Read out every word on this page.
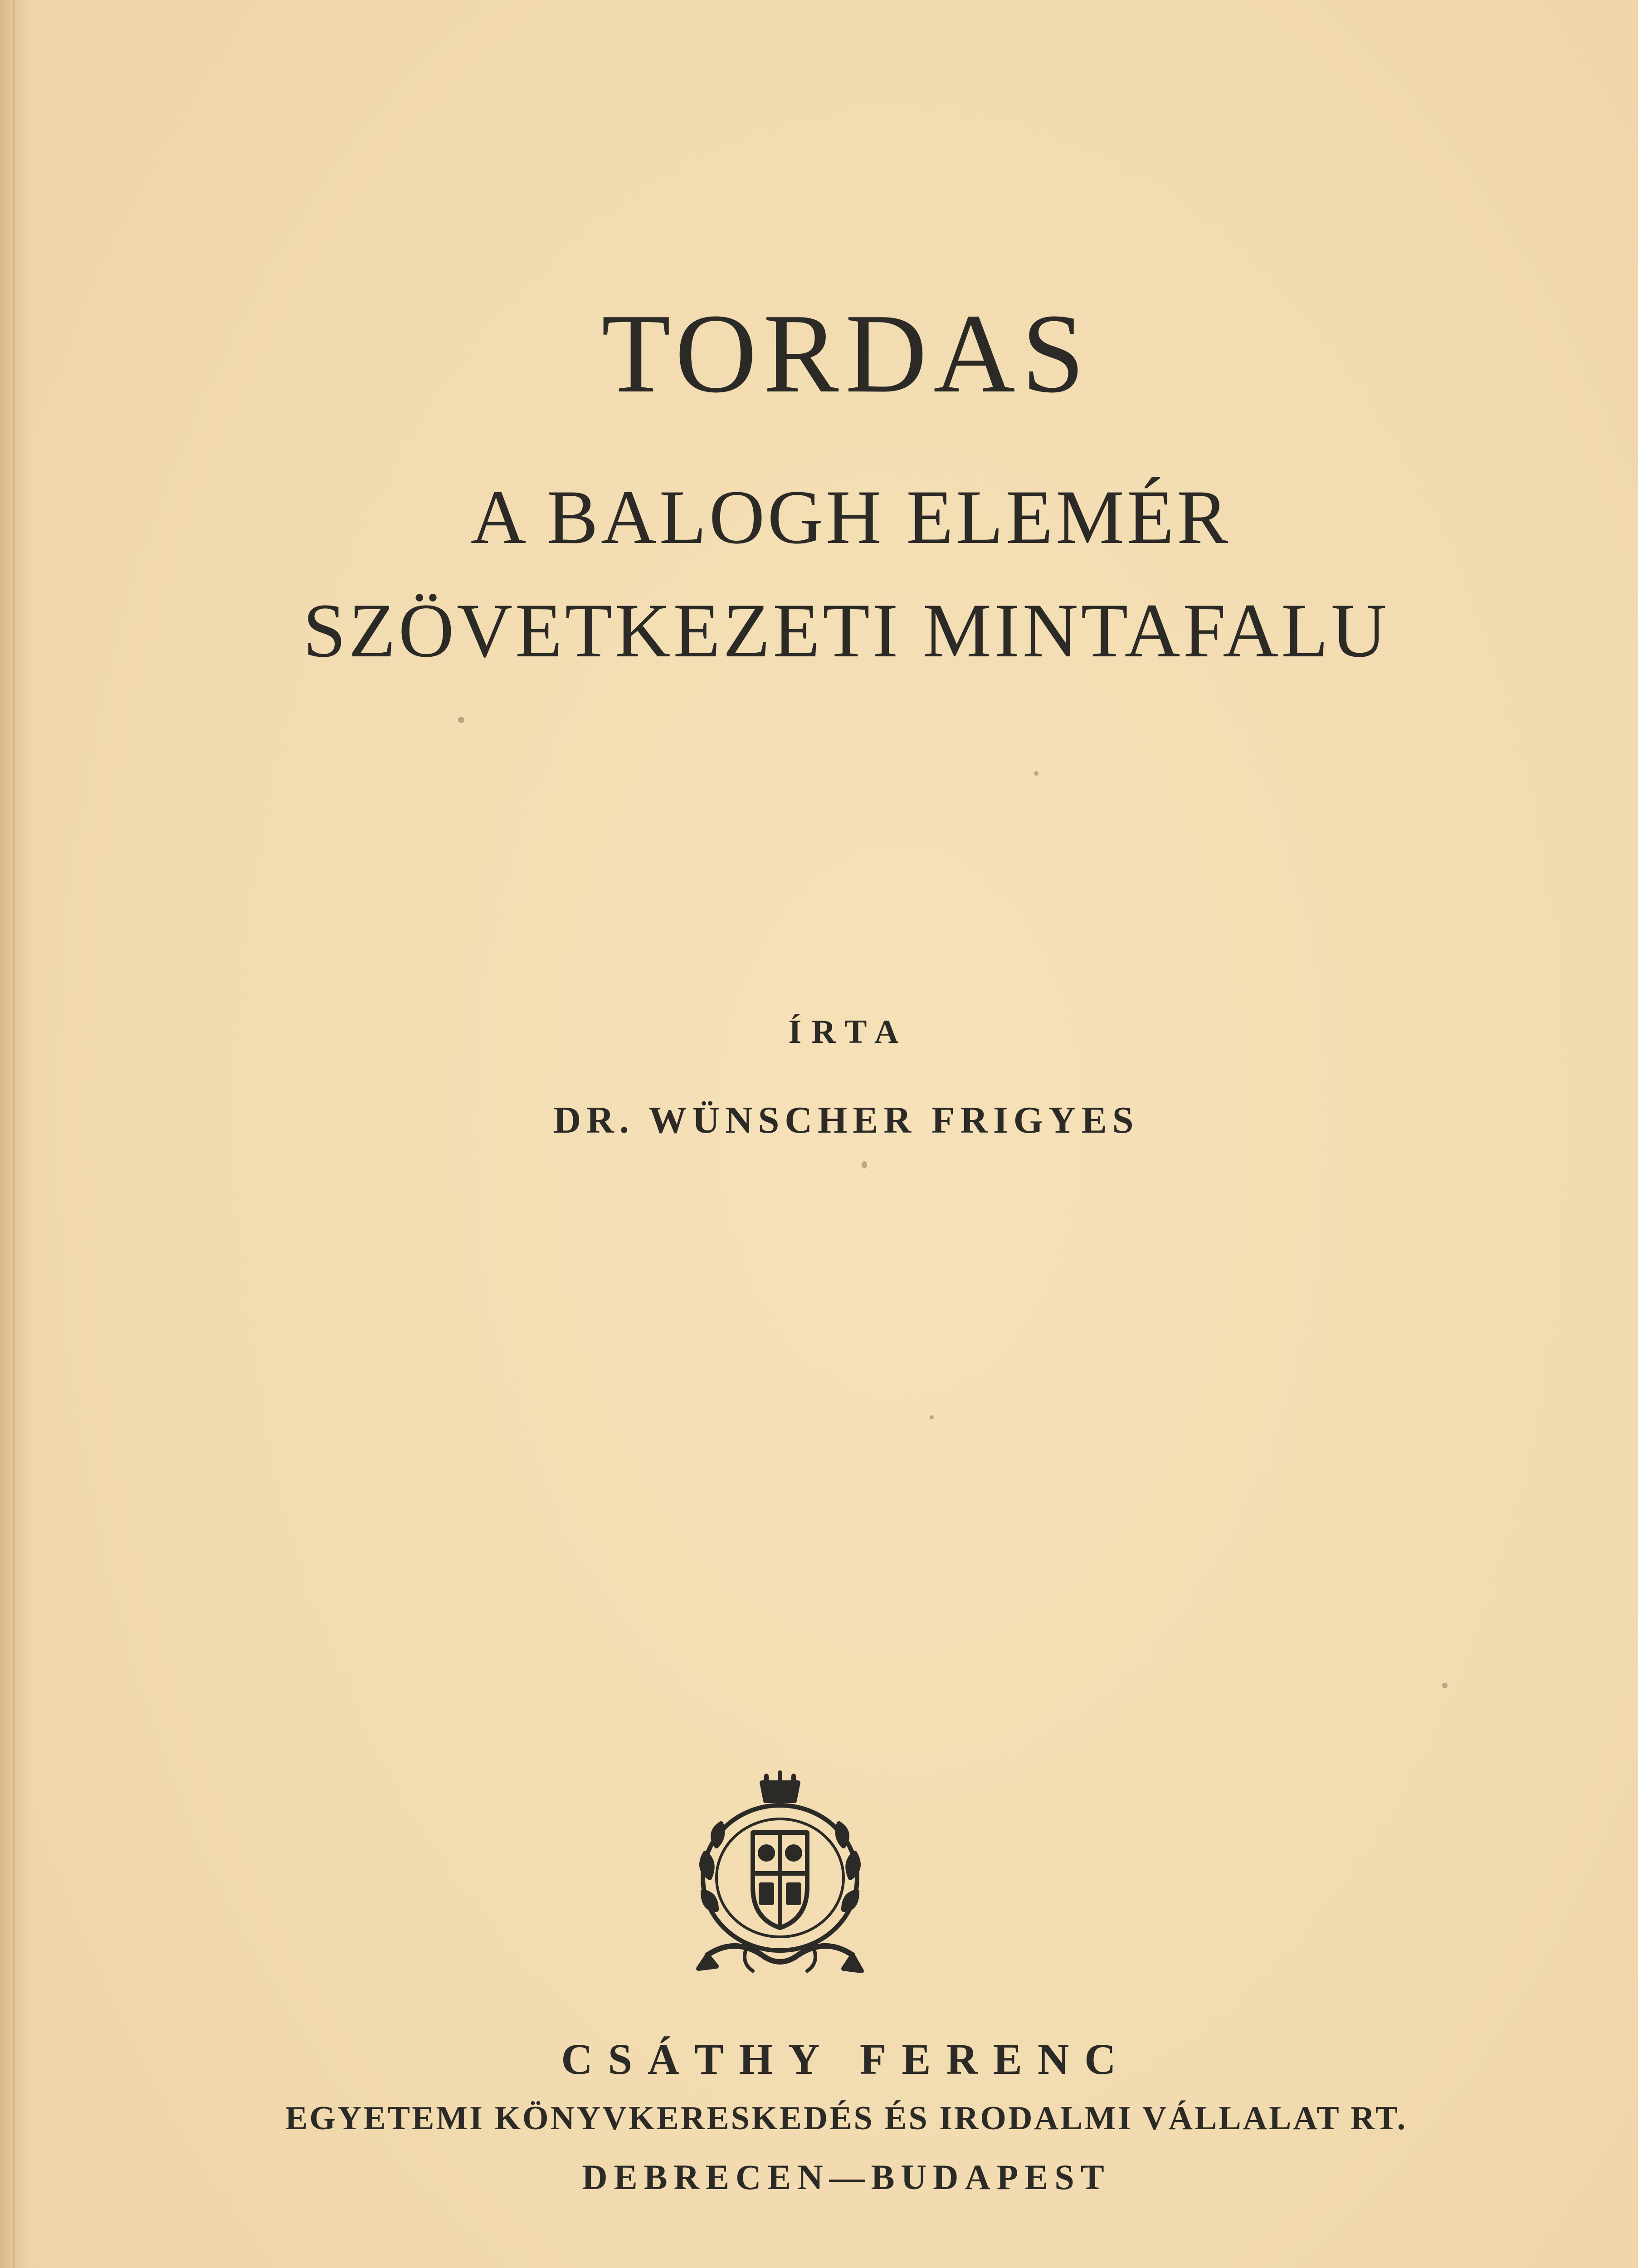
TORDAS

A BALOGH ELEMÉR

SZÖVETKEZETI MINTAFALU

ÍRTA

DR. WÜNSCHER FRIGYES

CSÁTHY FERENC

EGYETEMI KÖNYVKERESKEDÉS ÉS IRODALMI VÁLLALAT RT.

DEBRECEN—BUDAPEST
